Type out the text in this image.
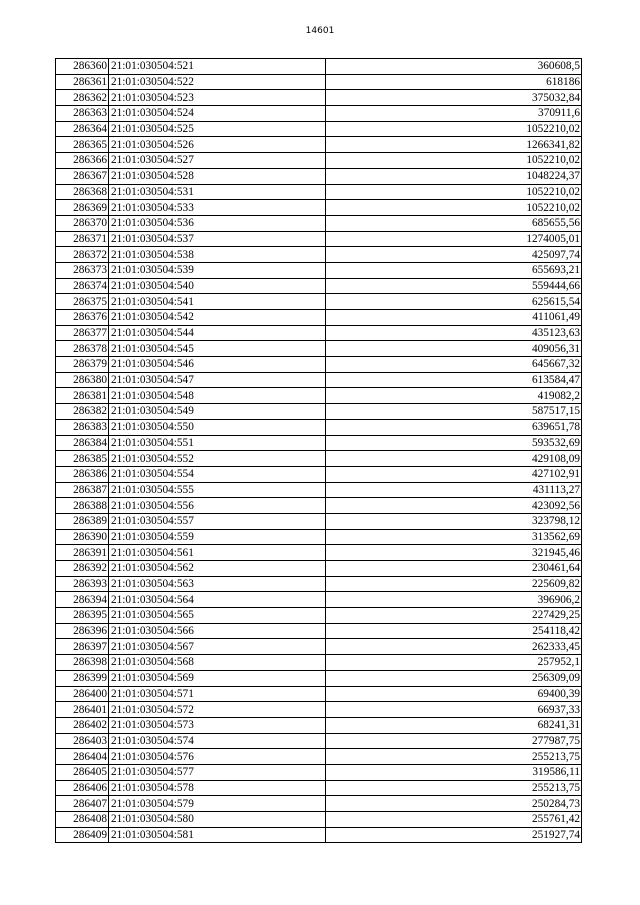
14601
286360	21:01:030504:521	360608,5
286361	21:01:030504:522	618186
286362	21:01:030504:523	375032,84
286363	21:01:030504:524	370911,6
286364	21:01:030504:525	1052210,02
286365	21:01:030504:526	1266341,82
286366	21:01:030504:527	1052210,02
286367	21:01:030504:528	1048224,37
286368	21:01:030504:531	1052210,02
286369	21:01:030504:533	1052210,02
286370	21:01:030504:536	685655,56
286371	21:01:030504:537	1274005,01
286372	21:01:030504:538	425097,74
286373	21:01:030504:539	655693,21
286374	21:01:030504:540	559444,66
286375	21:01:030504:541	625615,54
286376	21:01:030504:542	411061,49
286377	21:01:030504:544	435123,63
286378	21:01:030504:545	409056,31
286379	21:01:030504:546	645667,32
286380	21:01:030504:547	613584,47
286381	21:01:030504:548	419082,2
286382	21:01:030504:549	587517,15
286383	21:01:030504:550	639651,78
286384	21:01:030504:551	593532,69
286385	21:01:030504:552	429108,09
286386	21:01:030504:554	427102,91
286387	21:01:030504:555	431113,27
286388	21:01:030504:556	423092,56
286389	21:01:030504:557	323798,12
286390	21:01:030504:559	313562,69
286391	21:01:030504:561	321945,46
286392	21:01:030504:562	230461,64
286393	21:01:030504:563	225609,82
286394	21:01:030504:564	396906,2
286395	21:01:030504:565	227429,25
286396	21:01:030504:566	254118,42
286397	21:01:030504:567	262333,45
286398	21:01:030504:568	257952,1
286399	21:01:030504:569	256309,09
286400	21:01:030504:571	69400,39
286401	21:01:030504:572	66937,33
286402	21:01:030504:573	68241,31
286403	21:01:030504:574	277987,75
286404	21:01:030504:576	255213,75
286405	21:01:030504:577	319586,11
286406	21:01:030504:578	255213,75
286407	21:01:030504:579	250284,73
286408	21:01:030504:580	255761,42
286409	21:01:030504:581	251927,74
